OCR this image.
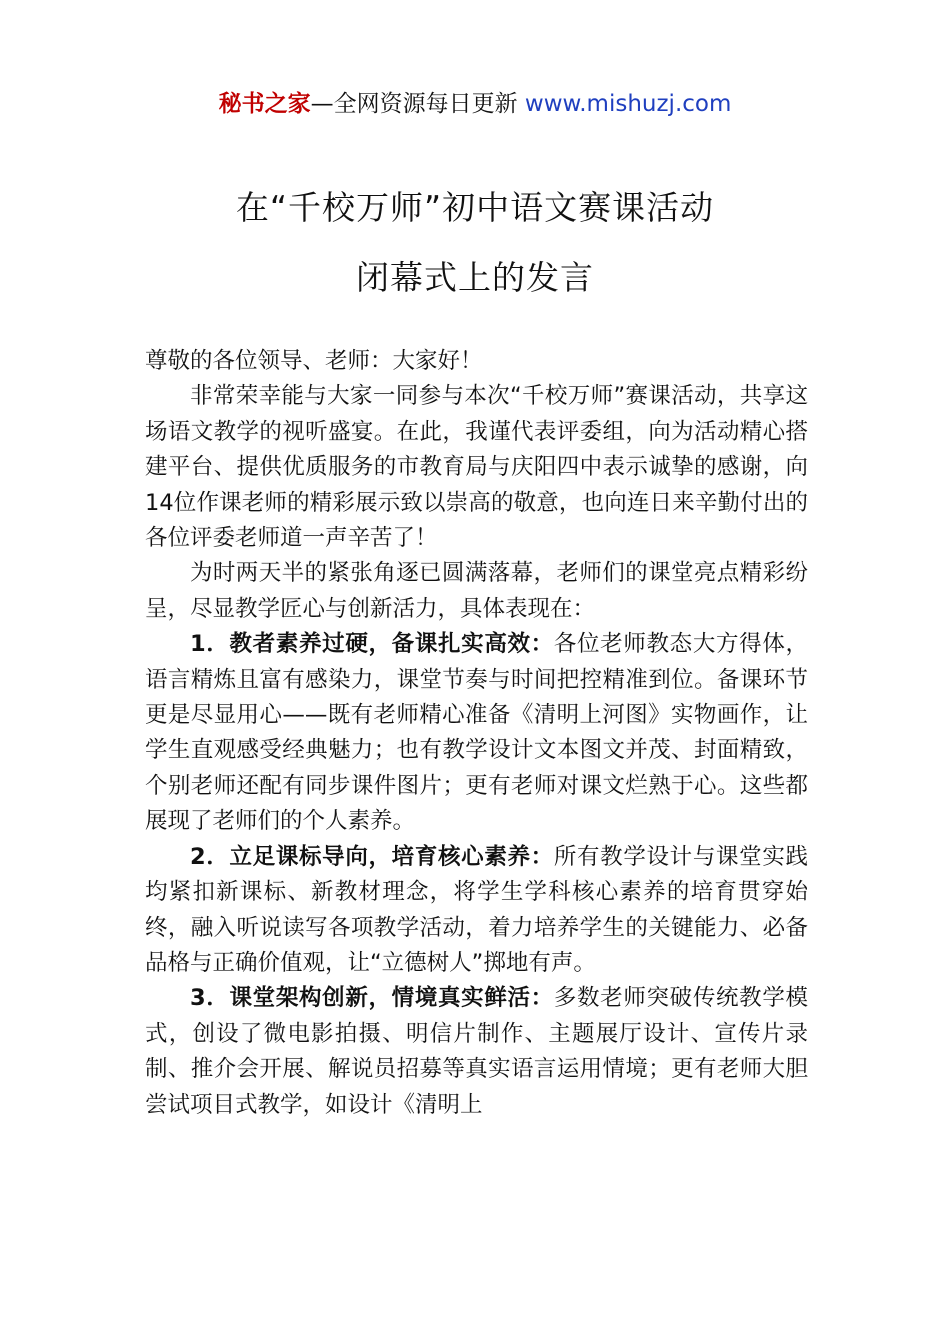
秘书之家—全网资源每日更新 www.mishuzj.com
在“千校万师”初中语文赛课活动
闭幕式上的发言

尊敬的各位领导、老师：大家好！

非常荣幸能与大家一同参与本次“千校万师”赛课活动，共享这场语文教学的视听盛宴。在此，我谨代表评委组，向为活动精心搭建平台、提供优质服务的市教育局与庆阳四中表示诚挚的感谢，向14位作课老师的精彩展示致以崇高的敬意，也向连日来辛勤付出的各位评委老师道一声辛苦了！

为时两天半的紧张角逐已圆满落幕，老师们的课堂亮点精彩纷呈，尽显教学匠心与创新活力，具体表现在：

1．教者素养过硬，备课扎实高效：各位老师教态大方得体，语言精炼且富有感染力，课堂节奏与时间把控精准到位。备课环节更是尽显用心——既有老师精心准备《清明上河图》实物画作，让学生直观感受经典魅力；也有教学设计文本图文并茂、封面精致，个别老师还配有同步课件图片；更有老师对课文烂熟于心。这些都展现了老师们的个人素养。

2．立足课标导向，培育核心素养：所有教学设计与课堂实践均紧扣新课标、新教材理念，将学生学科核心素养的培育贯穿始终，融入听说读写各项教学活动，着力培养学生的关键能力、必备品格与正确价值观，让“立德树人”掷地有声。

3．课堂架构创新，情境真实鲜活：多数老师突破传统教学模式，创设了微电影拍摄、明信片制作、主题展厅设计、宣传片录制、推介会开展、解说员招募等真实语言运用情境；更有老师大胆尝试项目式教学，如设计《清明上
